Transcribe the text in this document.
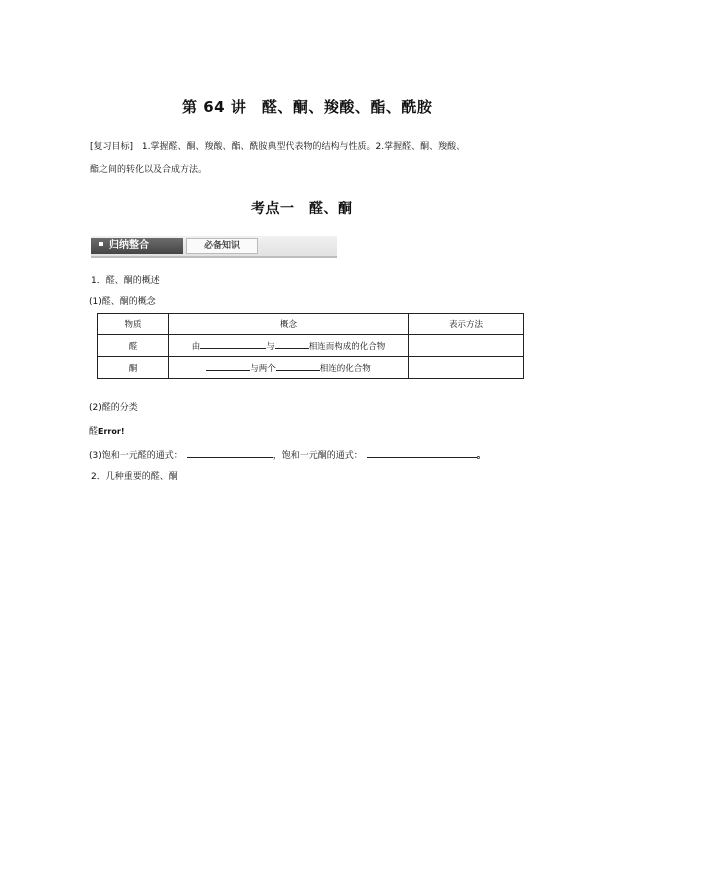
第 64 讲　醛、酮、羧酸、酯、酰胺
[复习目标] 1.掌握醛、酮、羧酸、酯、酰胺典型代表物的结构与性质。2.掌握醛、酮、羧酸、
酯之间的转化以及合成方法。
考点一　醛、酮
归纳整合	必备知识
1．醛、酮的概述
(1)醛、酮的概念
物质	概念	表示方法
醛	由 与 相连而构成的化合物	
酮	与两个 相连的化合物	
(2)醛的分类
醛Error!
(3)饱和一元醛的通式：	，饱和一元酮的通式：	。
2．几种重要的醛、酮
